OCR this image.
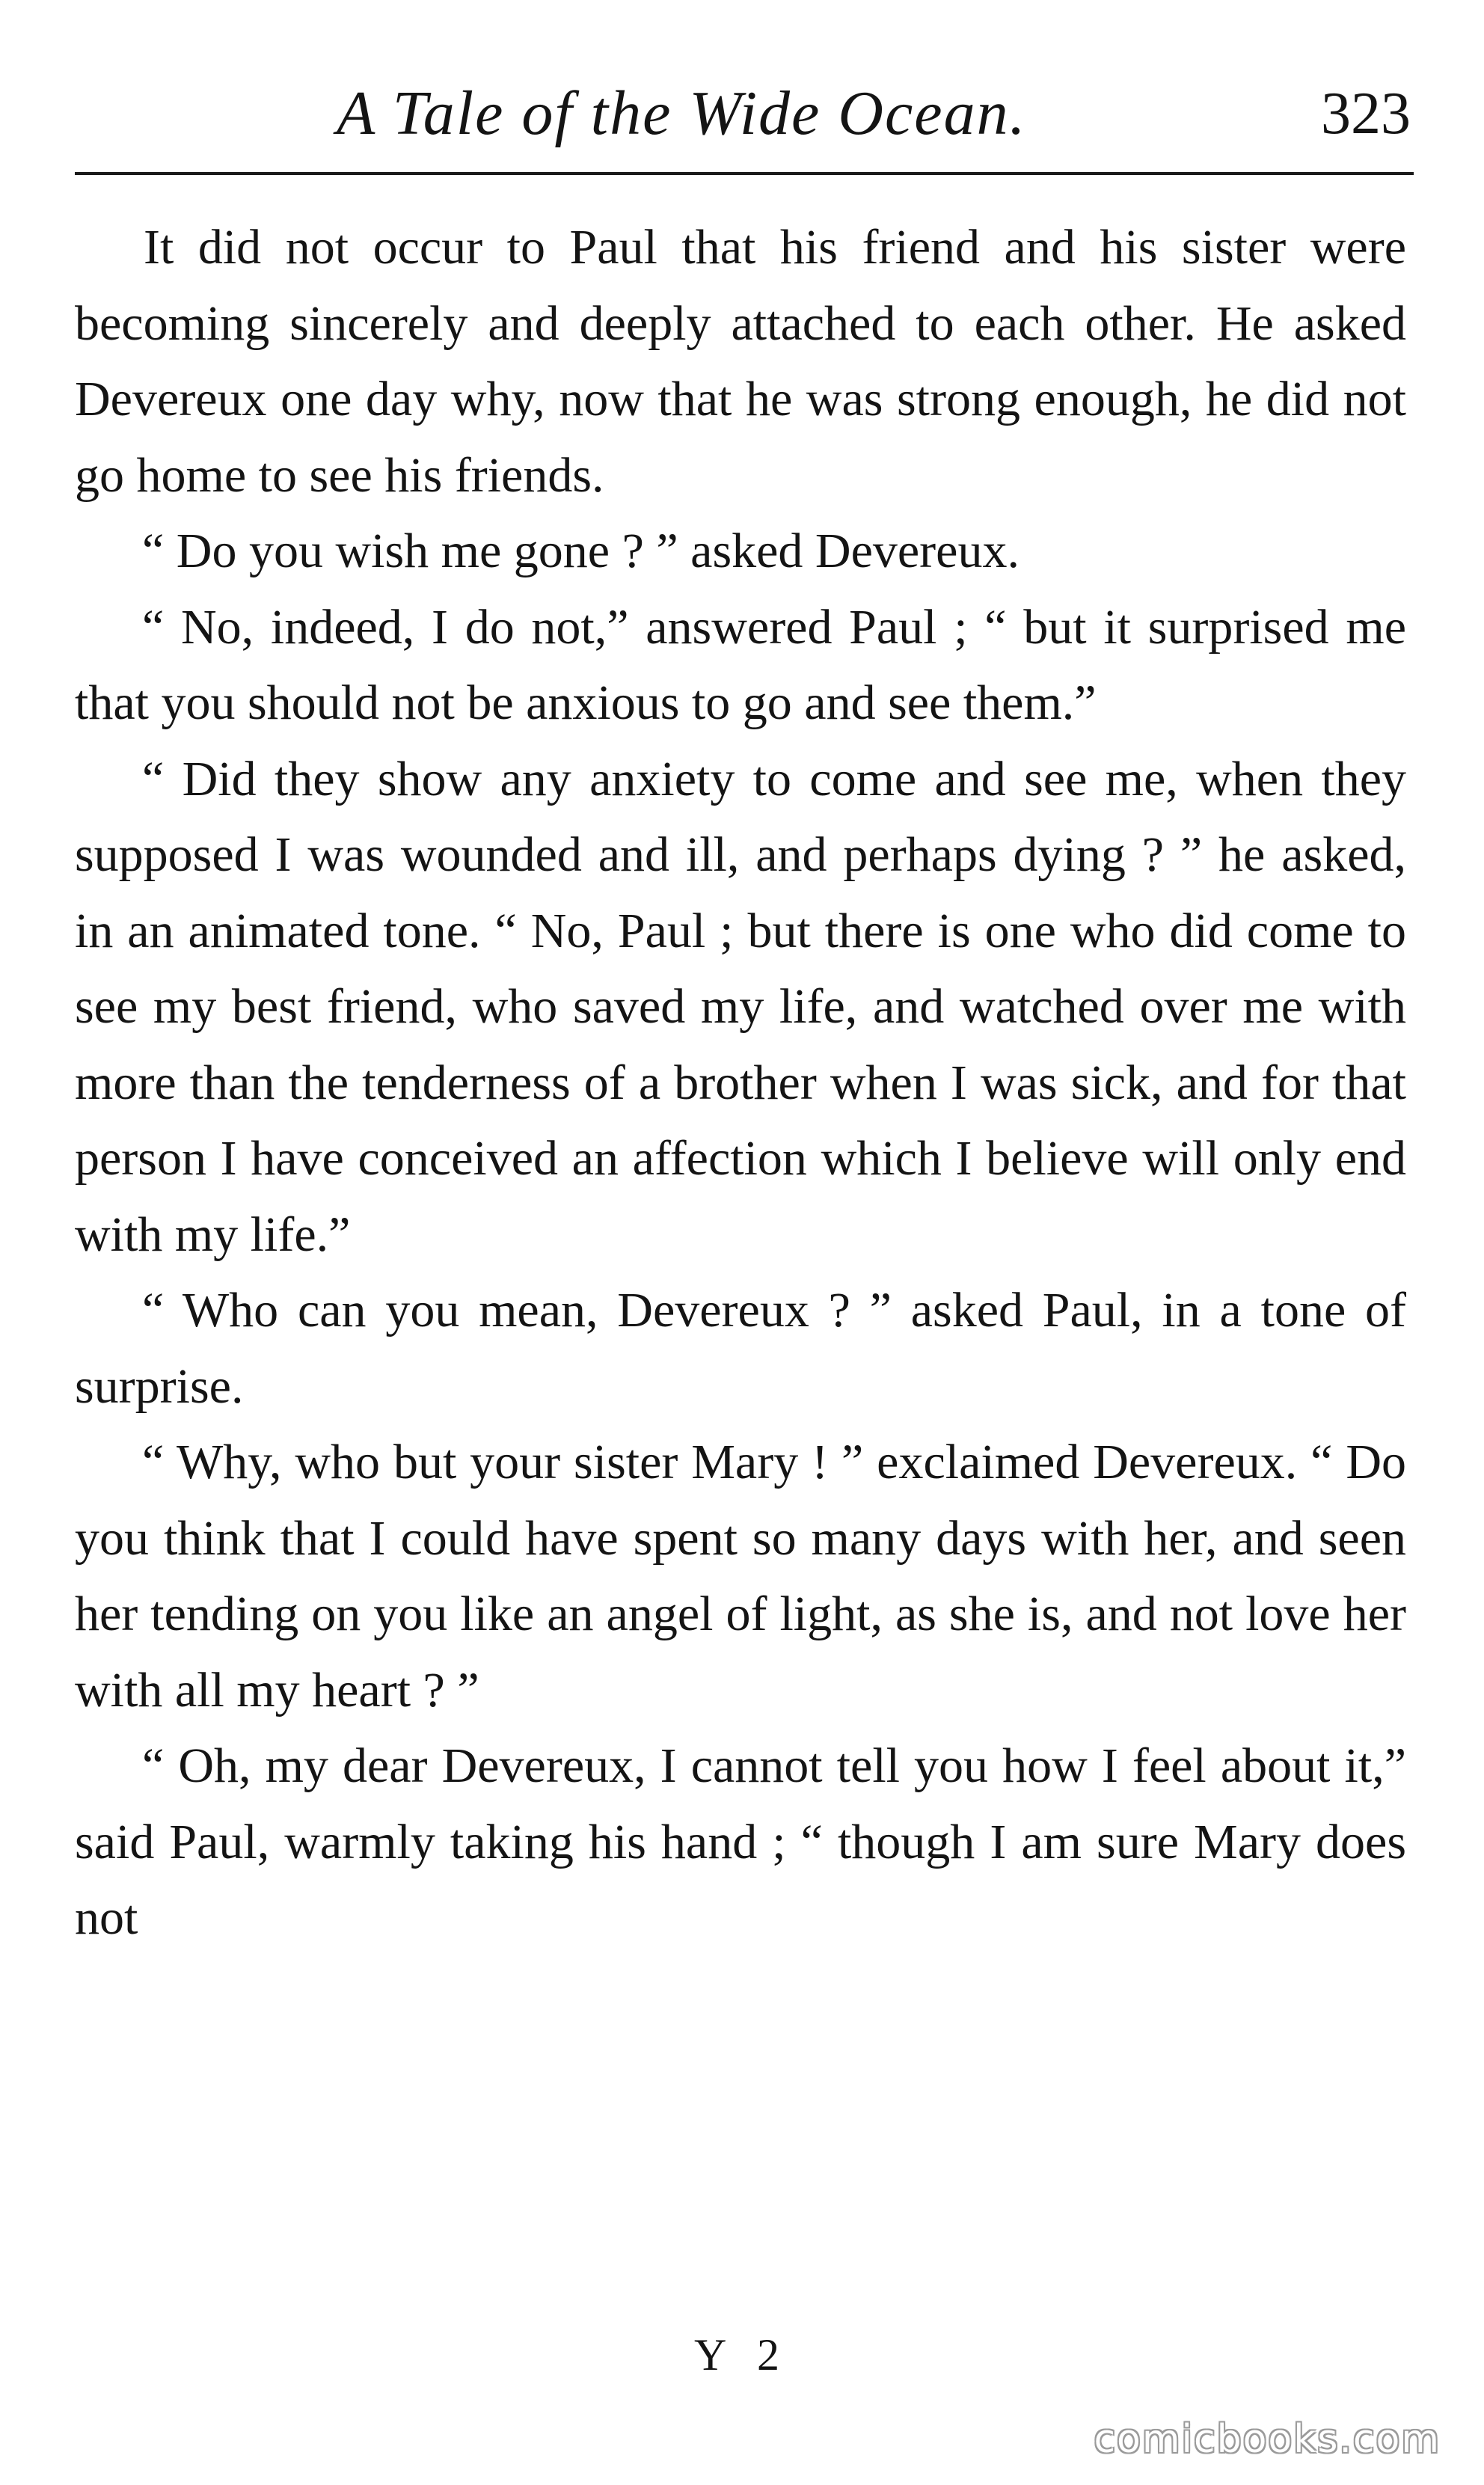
A Tale of the Wide Ocean.	323

It did not occur to Paul that his friend and his sister were becoming sincerely and deeply attached to each other. He asked Devereux one day why, now that he was strong enough, he did not go home to see his friends.

“ Do you wish me gone ? ” asked Devereux.

“ No, indeed, I do not,” answered Paul ; “ but it surprised me that you should not be anxious to go and see them.”

“ Did they show any anxiety to come and see me, when they supposed I was wounded and ill, and perhaps dying ? ” he asked, in an animated tone. “ No, Paul ; but there is one who did come to see my best friend, who saved my life, and watched over me with more than the tenderness of a brother when I was sick, and for that person I have conceived an affection which I believe will only end with my life.”

“ Who can you mean, Devereux ? ” asked Paul, in a tone of surprise.

“ Why, who but your sister Mary ! ” exclaimed Devereux. “ Do you think that I could have spent so many days with her, and seen her tending on you like an angel of light, as she is, and not love her with all my heart ? ”

“ Oh, my dear Devereux, I cannot tell you how I feel about it,” said Paul, warmly taking his hand ; “ though I am sure Mary does not

Y 2
comicbooks.com
